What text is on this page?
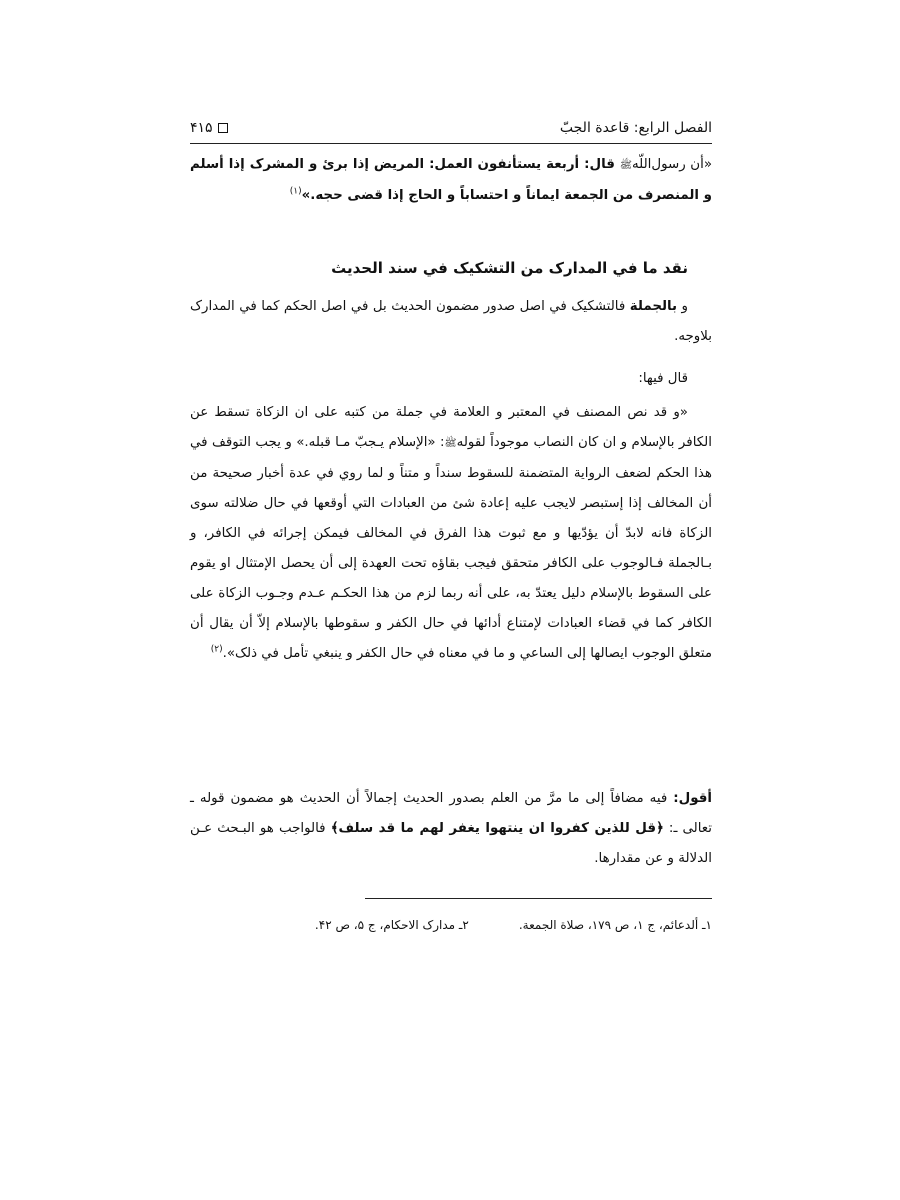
الفصل الرابع: قاعدة الجبّ
۴۱۵

«أن رسول‌اللّهﷺ قال: أربعة يستأنفون العمل: المريض إذا برئ و المشرک إذا أسلم و المنصرف من الجمعة ايماناً و احتساباً و الحاج إذا قضى حجه.»$^{(۱)}$

نقد ما في المدارک من التشكيک في سند الحديث

و بالجملة فالتشكيک في اصل صدور مضمون الحديث بل في اصل الحکم کما في المدارک بلاوجه.

قال فيها:

«و قد نص المصنف في المعتبر و العلامة في جملة من كتبه على ان الزكاة تسقط عن الكافر بالإسلام و ان كان النصاب موجوداً لقولهﷺ: «الإسلام يـجبّ مـا قبله.» و يجب التوقف في هذا الحکم لضعف الرواية المتضمنة للسقوط سنداً و متناً و لما روي في عدة أخبار صحيحة من أن المخالف إذا إستبصر لايجب عليه إعادة شئ من العبادات التي أوقعها في حال ضلالته سوى الزكاة فانه لابدّ أن يؤدّيها و مع ثبوت هذا الفرق في المخالف فيمكن إجرائه في الكافر، و بـالجملة فـالوجوب على الكافر متحقق فيجب بقاؤه تحت العهدة إلى أن يحصل الإمتثال او يقوم على السقوط بالإسلام دليل يعتدّ به، على أنه ربما لزم من هذا الحكـم عـدم وجـوب الزكاة على الكافر كما في قضاء العبادات لإمتناع أدائها في حال الكفر و سقوطها بالإسلام إلاّ أن يقال أن متعلق الوجوب ايصالها إلى الساعي و ما في معناه في حال الكفر و ينبغي تأمل في ذلک».$^{(۲)}$

أقول: فيه مضافاً إلى ما مرَّ من العلم بصدور الحديث إجمالاً أن الحديث هو مضمون قوله ـ تعالى ـ: ﴿قل للذين كفروا ان ينتهوا يغفر لهم ما قد سلف﴾ فالواجب هو البـحث عـن الدلالة و عن مقدارها.

۱ـ ألدعائم، ج ۱، ص ۱۷۹، صلاة الجمعة.۲ـ مدارک الاحکام، ج ۵، ص ۴۲.
